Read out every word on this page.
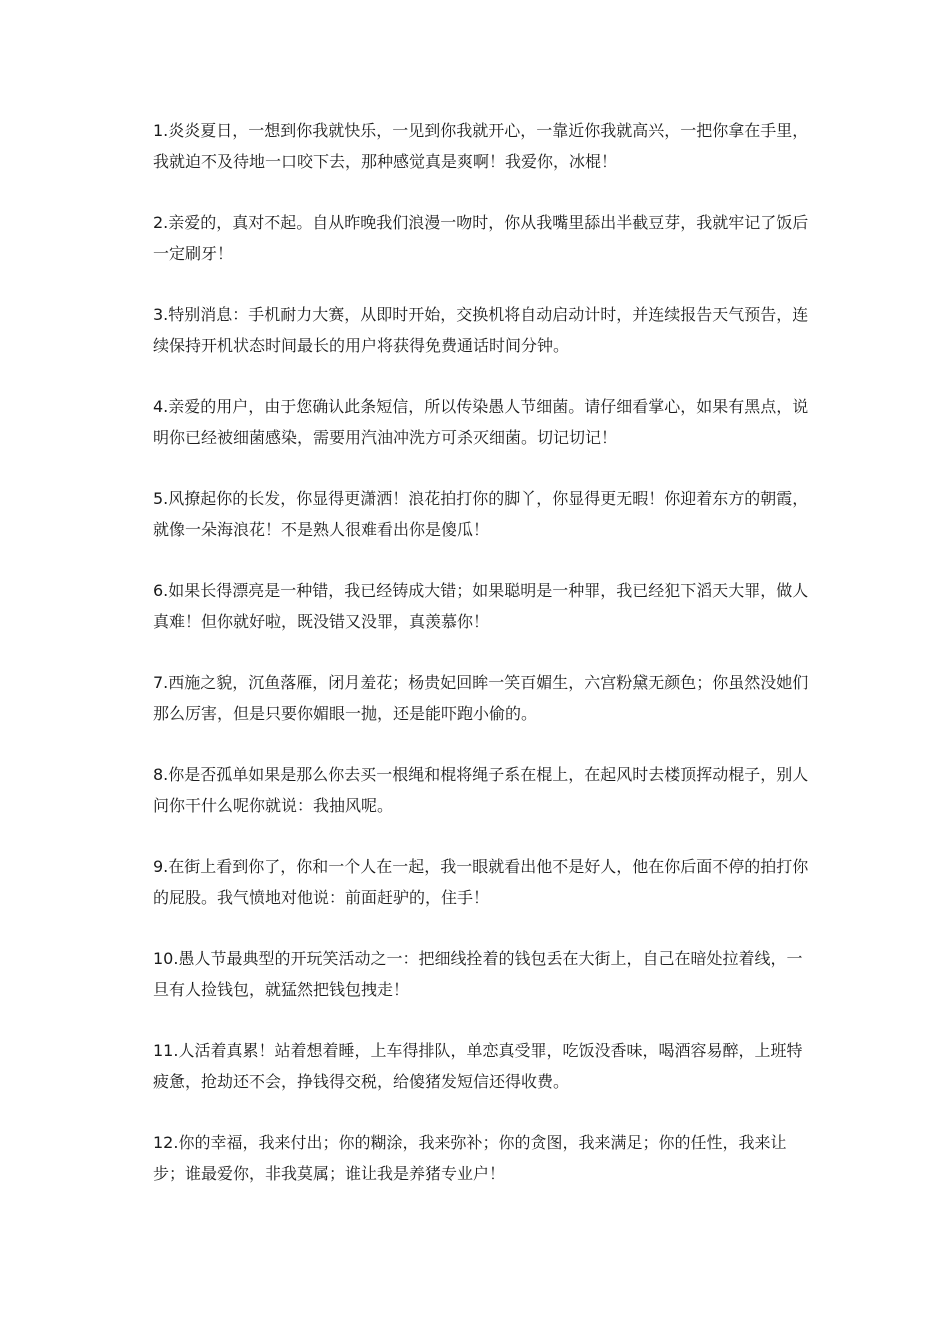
1.炎炎夏日，一想到你我就快乐，一见到你我就开心，一靠近你我就高兴，一把你拿在手里，我就迫不及待地一口咬下去，那种感觉真是爽啊！我爱你，冰棍！

2.亲爱的，真对不起。自从昨晚我们浪漫一吻时，你从我嘴里舔出半截豆芽，我就牢记了饭后一定刷牙！

3.特别消息：手机耐力大赛，从即时开始，交换机将自动启动计时，并连续报告天气预告，连续保持开机状态时间最长的用户将获得免费通话时间分钟。

4.亲爱的用户，由于您确认此条短信，所以传染愚人节细菌。请仔细看掌心，如果有黑点，说明你已经被细菌感染，需要用汽油冲洗方可杀灭细菌。切记切记！

5.风撩起你的长发，你显得更潇洒！浪花拍打你的脚丫，你显得更无暇！你迎着东方的朝霞，就像一朵海浪花！不是熟人很难看出你是傻瓜！

6.如果长得漂亮是一种错，我已经铸成大错；如果聪明是一种罪，我已经犯下滔天大罪，做人真难！但你就好啦，既没错又没罪，真羡慕你！

7.西施之貌，沉鱼落雁，闭月羞花；杨贵妃回眸一笑百媚生，六宫粉黛无颜色；你虽然没她们那么厉害，但是只要你媚眼一抛，还是能吓跑小偷的。

8.你是否孤单如果是那么你去买一根绳和棍将绳子系在棍上，在起风时去楼顶挥动棍子，别人问你干什么呢你就说：我抽风呢。

9.在街上看到你了，你和一个人在一起，我一眼就看出他不是好人，他在你后面不停的拍打你的屁股。我气愤地对他说：前面赶驴的，住手！

10.愚人节最典型的开玩笑活动之一：把细线拴着的钱包丢在大街上，自己在暗处拉着线，一旦有人捡钱包，就猛然把钱包拽走！

11.人活着真累！站着想着睡，上车得排队，单恋真受罪，吃饭没香味，喝酒容易醉，上班特疲惫，抢劫还不会，挣钱得交税，给傻猪发短信还得收费。

12.你的幸福，我来付出；你的糊涂，我来弥补；你的贪图，我来满足；你的任性，我来让步；谁最爱你，非我莫属；谁让我是养猪专业户！
